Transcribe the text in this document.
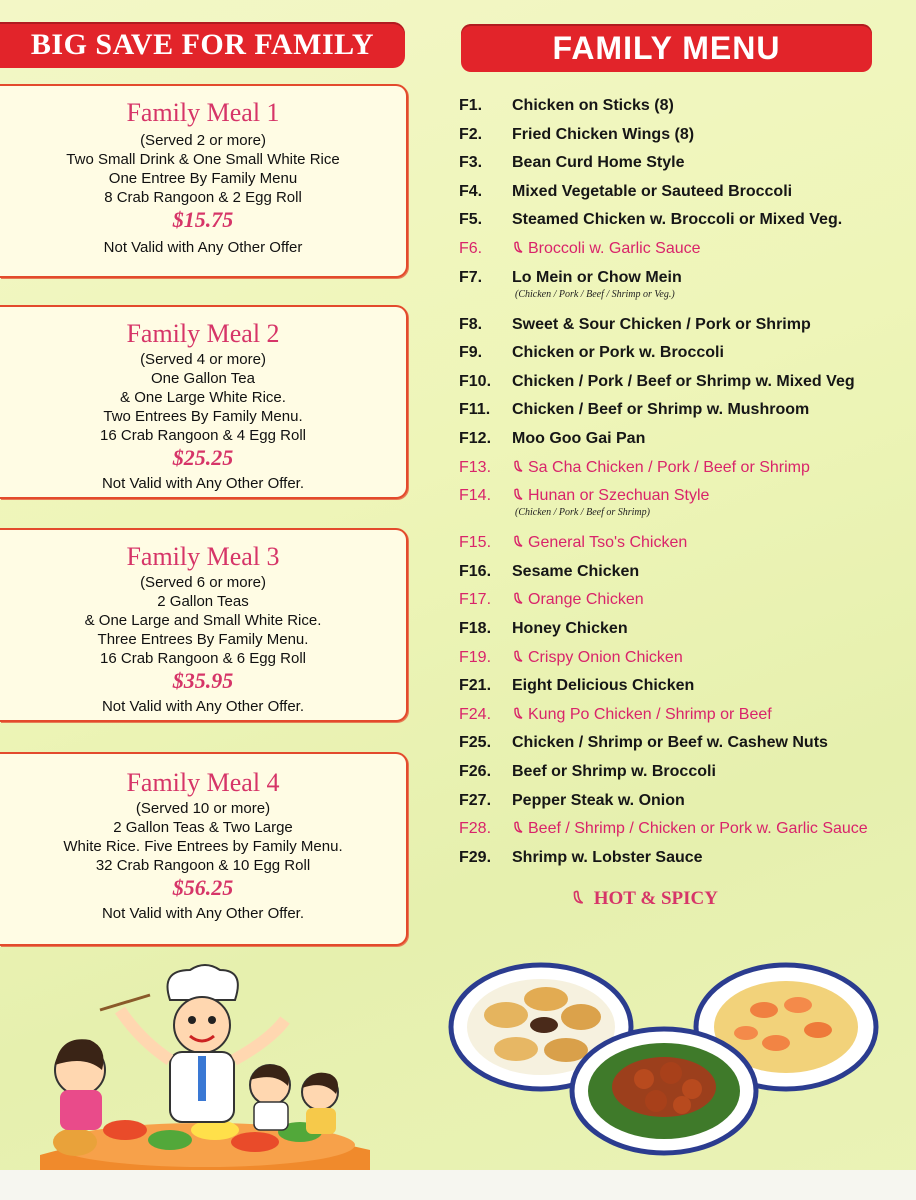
BIG SAVE FOR FAMILY	FAMILY MENU
Family Meal 1
(Served 2 or more)
Two Small Drink & One Small White Rice
One Entree By Family Menu
8 Crab Rangoon & 2 Egg Roll
$15.75
Not Valid with Any Other Offer
Family Meal 2
(Served 4 or more)
One Gallon Tea
& One Large White Rice.
Two Entrees By Family Menu.
16 Crab Rangoon & 4 Egg Roll
$25.25
Not Valid with Any Other Offer.
Family Meal 3
(Served 6 or more)
2 Gallon Teas
& One Large and Small White Rice.
Three Entrees By Family Menu.
16 Crab Rangoon & 6 Egg Roll
$35.95
Not Valid with Any Other Offer.
Family Meal 4
(Served 10 or more)
2 Gallon Teas & Two Large
White Rice. Five Entrees by Family Menu.
32 Crab Rangoon & 10 Egg Roll
$56.25
Not Valid with Any Other Offer.
F1.	Chicken on Sticks (8)
F2.	Fried Chicken Wings (8)
F3.	Bean Curd Home Style
F4.	Mixed Vegetable or Sauteed Broccoli
F5.	Steamed Chicken w. Broccoli or Mixed Veg.
F6.	Broccoli w. Garlic Sauce
F7.	Lo Mein or Chow Mein
(Chicken / Pork / Beef / Shrimp or Veg.)
F8.	Sweet & Sour Chicken / Pork or Shrimp
F9.	Chicken or Pork w. Broccoli
F10.	Chicken / Pork / Beef or Shrimp w. Mixed Veg
F11.	Chicken / Beef or Shrimp w. Mushroom
F12.	Moo Goo Gai Pan
F13.	Sa Cha Chicken / Pork / Beef or Shrimp
F14.	Hunan or Szechuan Style
(Chicken / Pork / Beef or Shrimp)
F15.	General Tso's Chicken
F16.	Sesame Chicken
F17.	Orange Chicken
F18.	Honey Chicken
F19.	Crispy Onion Chicken
F21.	Eight Delicious Chicken
F24.	Kung Po Chicken / Shrimp or Beef
F25.	Chicken / Shrimp or Beef w. Cashew Nuts
F26.	Beef or Shrimp w. Broccoli
F27.	Pepper Steak w. Onion
F28.	Beef / Shrimp / Chicken or Pork w. Garlic Sauce
F29.	Shrimp w. Lobster Sauce
HOT & SPICY
